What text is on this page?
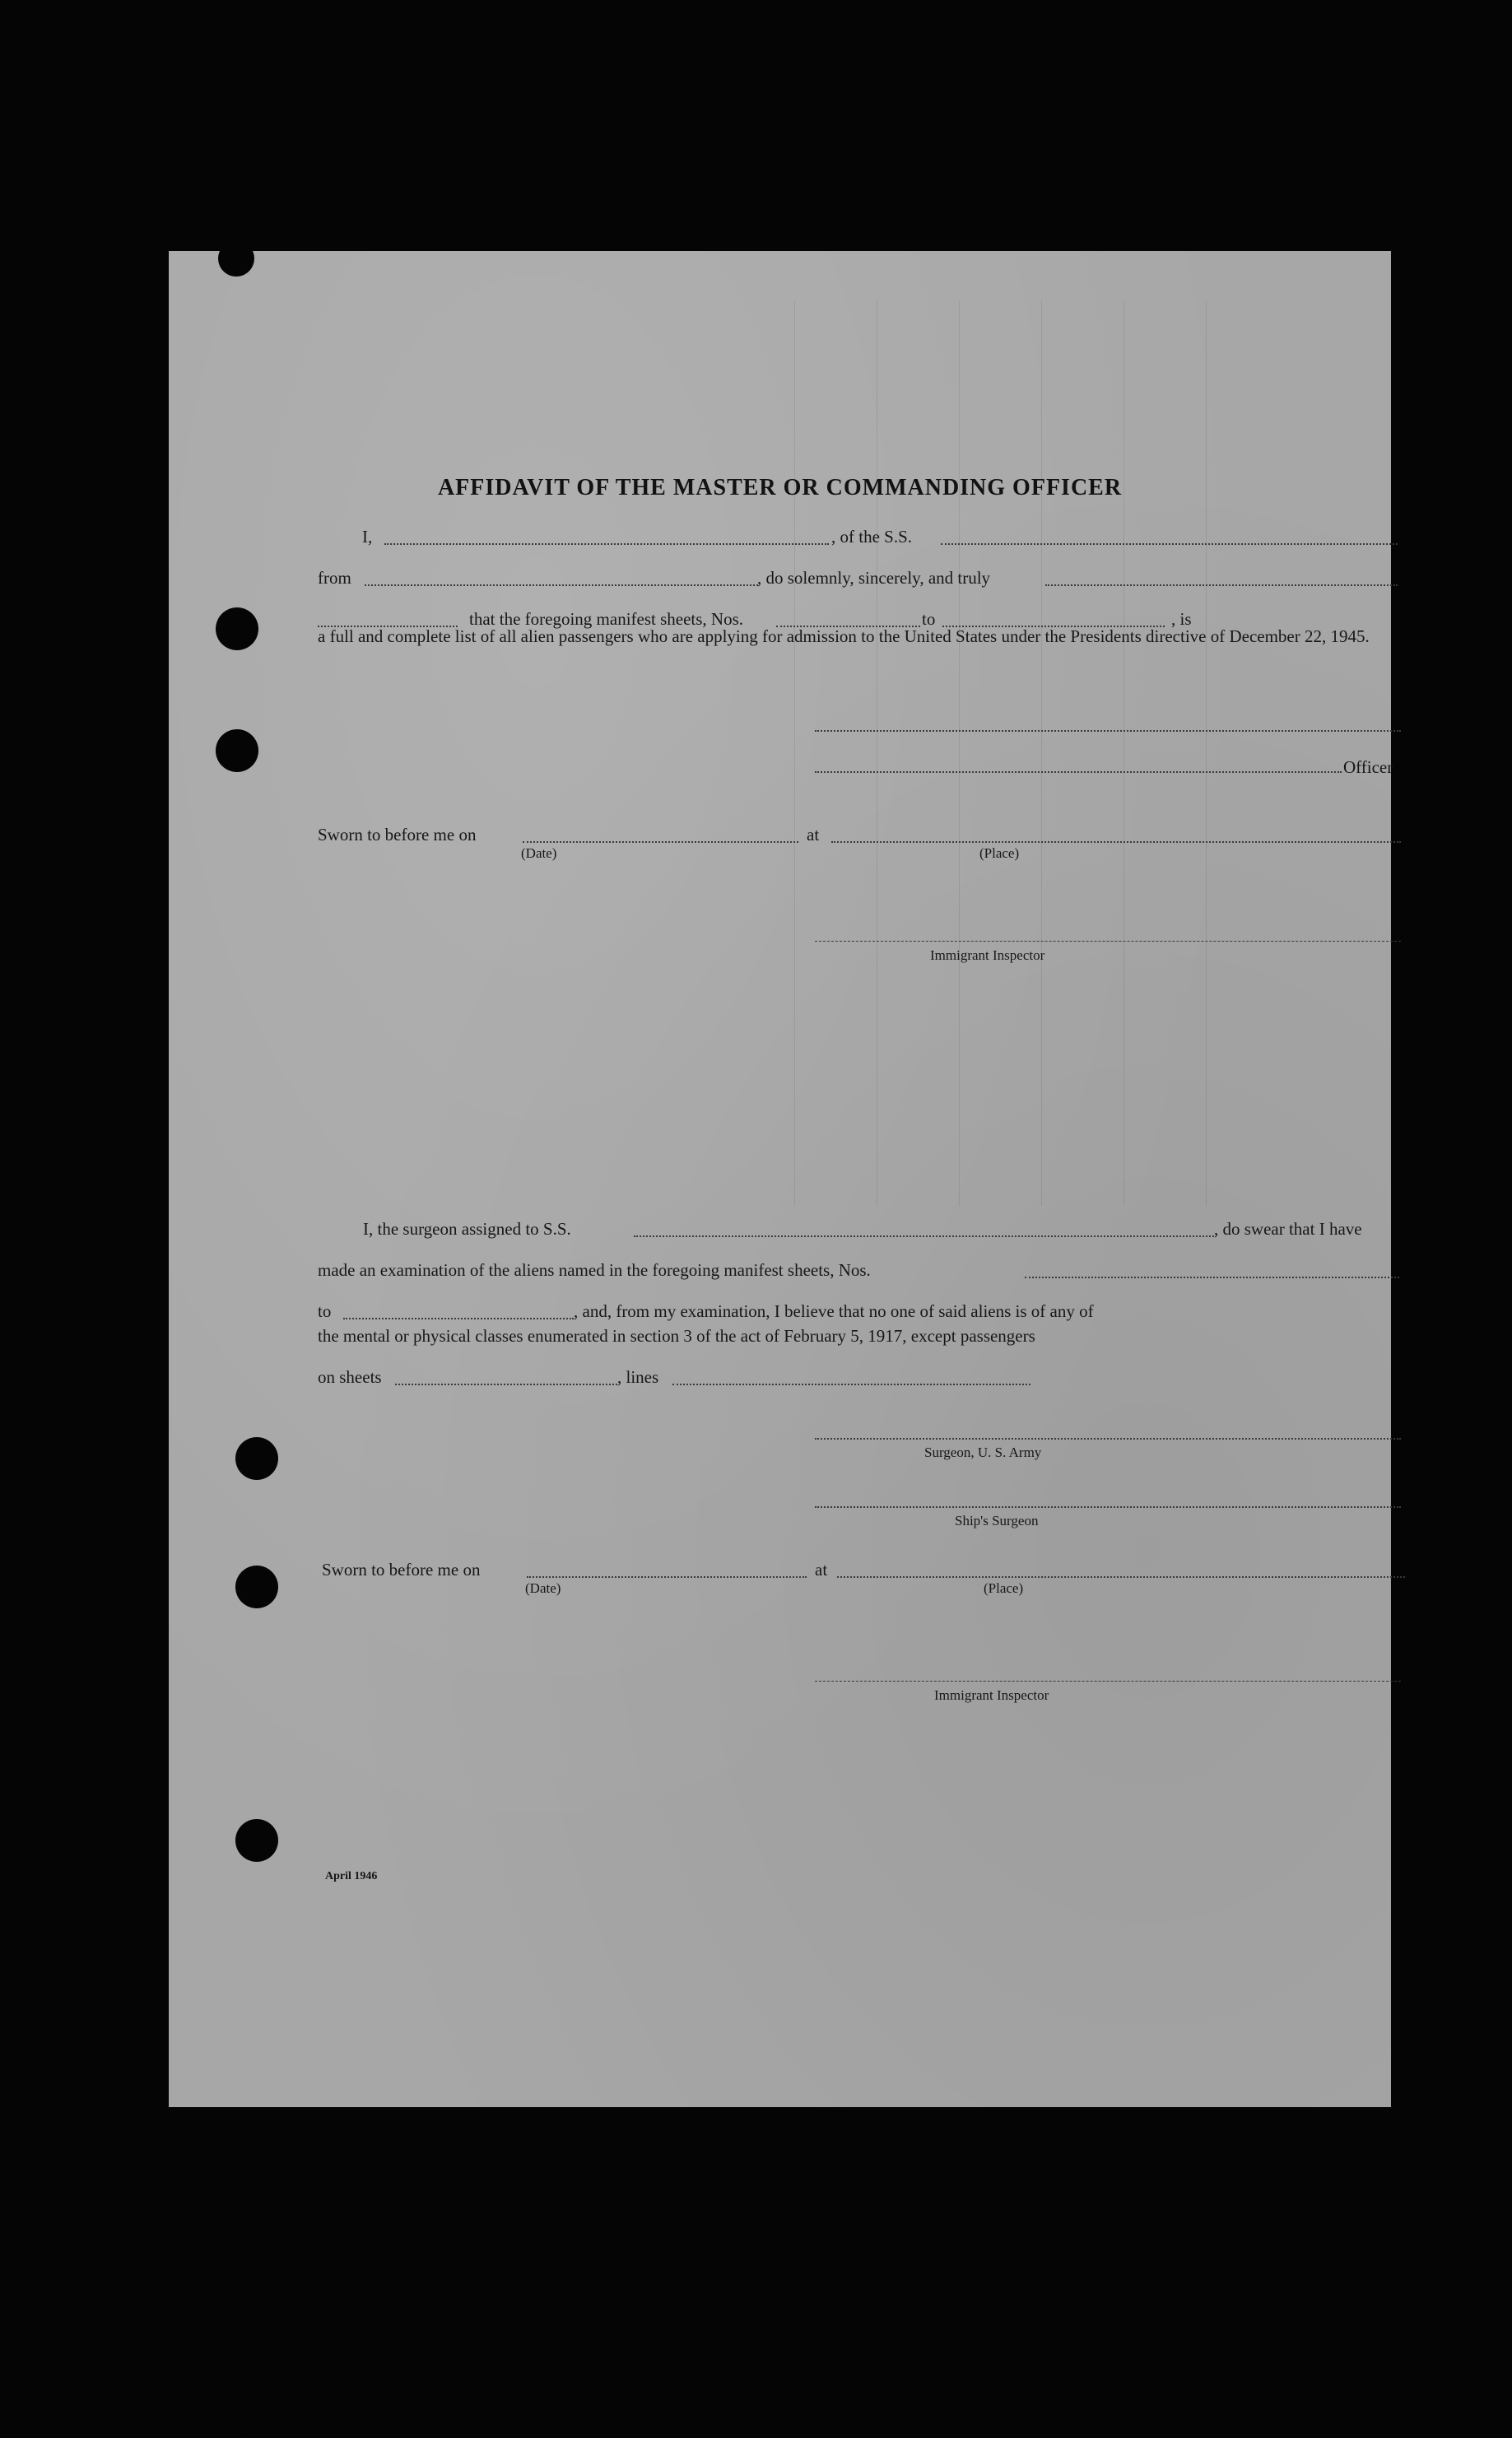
AFFIDAVIT OF THE MASTER OR COMMANDING OFFICER
I,	, of the S.S.
from	, do solemnly, sincerely, and truly
that the foregoing manifest sheets, Nos.	to	, is

a full and complete list of all alien passengers who are applying for admission to the United States under the Presidents directive of December 22, 1945.

Officer
Sworn to before me on	at
(Date)	(Place)
Immigrant Inspector
I, the surgeon assigned to S.S.	, do swear that I have
made an examination of the aliens named in the foregoing manifest sheets, Nos.
to	, and, from my examination, I believe that no one of said aliens is of any of
the mental or physical classes enumerated in section 3 of the act of February 5, 1917, except passengers
on sheets	, lines
Surgeon, U. S. Army
Ship's Surgeon
Sworn to before me on	at
(Date)	(Place)
Immigrant Inspector
April 1946
